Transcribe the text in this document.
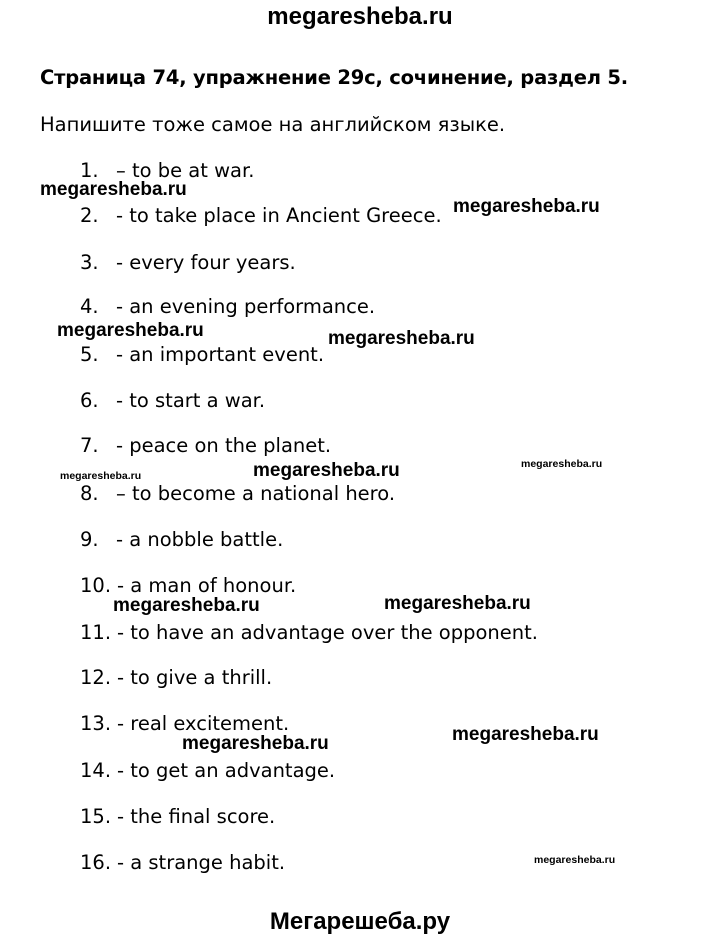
megaresheba.ru
Страница 74, упражнение 29c, сочинение, раздел 5.
Напишите тоже самое на английском языке.
1. – to be at war.
2. - to take place in Ancient Greece.
3. - every four years.
4. - an evening performance.
5. - an important event.
6. - to start a war.
7. - peace on the planet.
8. – to become a national hero.
9. - a nobble battle.
10. - a man of honour.
11. - to have an advantage over the opponent.
12. - to give a thrill.
13. - real excitement.
14. - to get an advantage.
15. - the final score.
16. - a strange habit.
megaresheba.ru
megaresheba.ru
megaresheba.ru	megaresheba.ru
megaresheba.ru	megaresheba.ru	megaresheba.ru
megaresheba.ru	megaresheba.ru
megaresheba.ru	megaresheba.ru
megaresheba.ru
Мегарешеба.ру
